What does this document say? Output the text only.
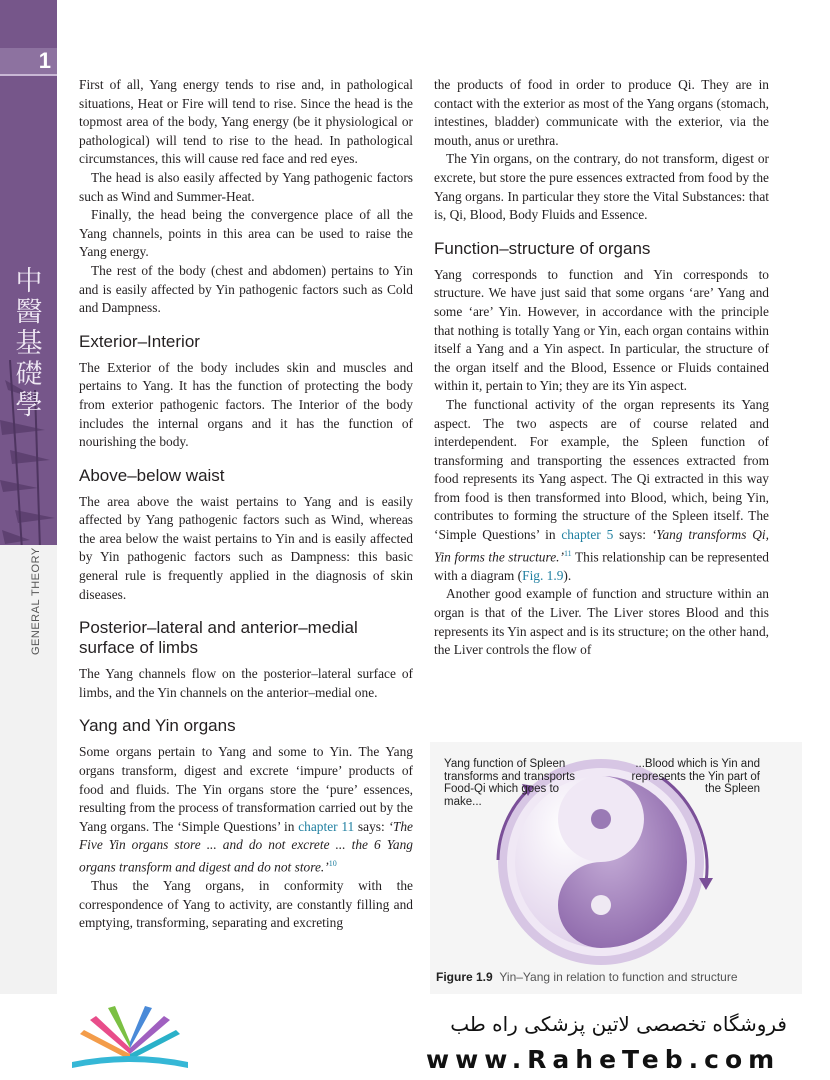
1
中醫基礎學
GENERAL THEORY

First of all, Yang energy tends to rise and, in pathological situations, Heat or Fire will tend to rise. Since the head is the topmost area of the body, Yang energy (be it physiological or pathological) will tend to rise to the head. In pathological circumstances, this will cause red face and red eyes.

The head is also easily affected by Yang pathogenic factors such as Wind and Summer-Heat.

Finally, the head being the convergence place of all the Yang channels, points in this area can be used to raise the Yang energy.

The rest of the body (chest and abdomen) pertains to Yin and is easily affected by Yin pathogenic factors such as Cold and Dampness.

Exterior–Interior

The Exterior of the body includes skin and muscles and pertains to Yang. It has the function of protecting the body from exterior pathogenic factors. The Interior of the body includes the internal organs and it has the function of nourishing the body.

Above–below waist

The area above the waist pertains to Yang and is easily affected by Yang pathogenic factors such as Wind, whereas the area below the waist pertains to Yin and is easily affected by Yin pathogenic factors such as Dampness: this basic general rule is frequently applied in the diagnosis of skin diseases.

Posterior–lateral and anterior–medial surface of limbs

The Yang channels flow on the posterior–lateral surface of limbs, and the Yin channels on the anterior–medial one.

Yang and Yin organs

Some organs pertain to Yang and some to Yin. The Yang organs transform, digest and excrete ‘impure’ products of food and fluids. The Yin organs store the ‘pure’ essences, resulting from the process of transformation carried out by the Yang organs. The ‘Simple Questions’ in chapter 11 says: ‘The Five Yin organs store ... and do not excrete ... the 6 Yang organs transform and digest and do not store.’$^{10}$

Thus the Yang organs, in conformity with the correspondence of Yang to activity, are constantly filling and emptying, transforming, separating and excreting

the products of food in order to produce Qi. They are in contact with the exterior as most of the Yang organs (stomach, intestines, bladder) communicate with the exterior, via the mouth, anus or urethra.

The Yin organs, on the contrary, do not transform, digest or excrete, but store the pure essences extracted from food by the Yang organs. In particular they store the Vital Substances: that is, Qi, Blood, Body Fluids and Essence.

Function–structure of organs

Yang corresponds to function and Yin corresponds to structure. We have just said that some organs ‘are’ Yang and some ‘are’ Yin. However, in accordance with the principle that nothing is totally Yang or Yin, each organ contains within itself a Yang and a Yin aspect. In particular, the structure of the organ itself and the Blood, Essence or Fluids contained within it, pertain to Yin; they are its Yin aspect.

The functional activity of the organ represents its Yang aspect. The two aspects are of course related and interdependent. For example, the Spleen function of transforming and transporting the essences extracted from food represents its Yang aspect. The Qi extracted in this way from food is then transformed into Blood, which, being Yin, contributes to forming the structure of the Spleen itself. The ‘Simple Questions’ in chapter 5 says: ‘Yang transforms Qi, Yin forms the structure.’$^{11}$ This relationship can be represented with a diagram (Fig. 1.9).

Another good example of function and structure within an organ is that of the Liver. The Liver stores Blood and this represents its Yin aspect and is its structure; on the other hand, the Liver controls the flow of

Yang function of Spleen transforms and transports Food-Qi which goes to make...
...Blood which is Yin and represents the Yin part of the Spleen
Figure 1.9 Yin–Yang in relation to function and structure
فروشگاه تخصصی لاتین پزشکی راه طب
www.RaheTeb.com
